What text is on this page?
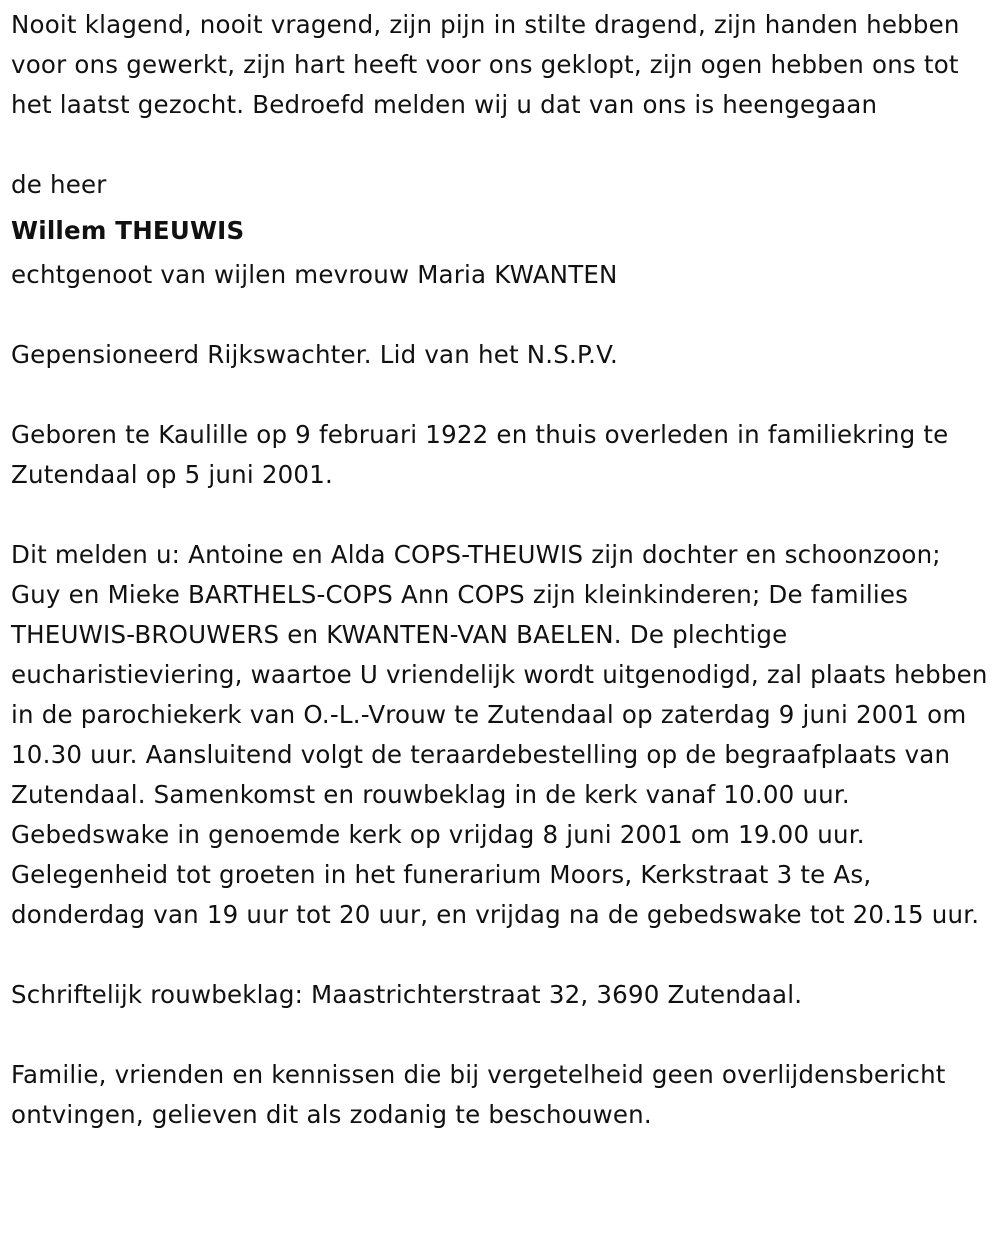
Nooit klagend, nooit vragend, zijn pijn in stilte dragend, zijn handen hebben voor ons gewerkt, zijn hart heeft voor ons geklopt, zijn ogen hebben ons tot het laatst gezocht. Bedroefd melden wij u dat van ons is heengegaan

de heer

Willem THEUWIS

echtgenoot van wijlen mevrouw Maria KWANTEN

Gepensioneerd Rijkswachter. Lid van het N.S.P.V.

Geboren te Kaulille op 9 februari 1922 en thuis overleden in familiekring te Zutendaal op 5 juni 2001.

Dit melden u: Antoine en Alda COPS-THEUWIS zijn dochter en schoonzoon; Guy en Mieke BARTHELS-COPS Ann COPS zijn kleinkinderen; De families THEUWIS-BROUWERS en KWANTEN-VAN BAELEN. De plechtige eucharistieviering, waartoe U vriendelijk wordt uitgenodigd, zal plaats hebben in de parochiekerk van O.-L.-Vrouw te Zutendaal op zaterdag 9 juni 2001 om 10.30 uur. Aansluitend volgt de teraardebestelling op de begraafplaats van Zutendaal. Samenkomst en rouwbeklag in de kerk vanaf 10.00 uur. Gebedswake in genoemde kerk op vrijdag 8 juni 2001 om 19.00 uur. Gelegenheid tot groeten in het funerarium Moors, Kerkstraat 3 te As, donderdag van 19 uur tot 20 uur, en vrijdag na de gebedswake tot 20.15 uur.

Schriftelijk rouwbeklag: Maastrichterstraat 32, 3690 Zutendaal.

Familie, vrienden en kennissen die bij vergetelheid geen overlijdensbericht ontvingen, gelieven dit als zodanig te beschouwen.
